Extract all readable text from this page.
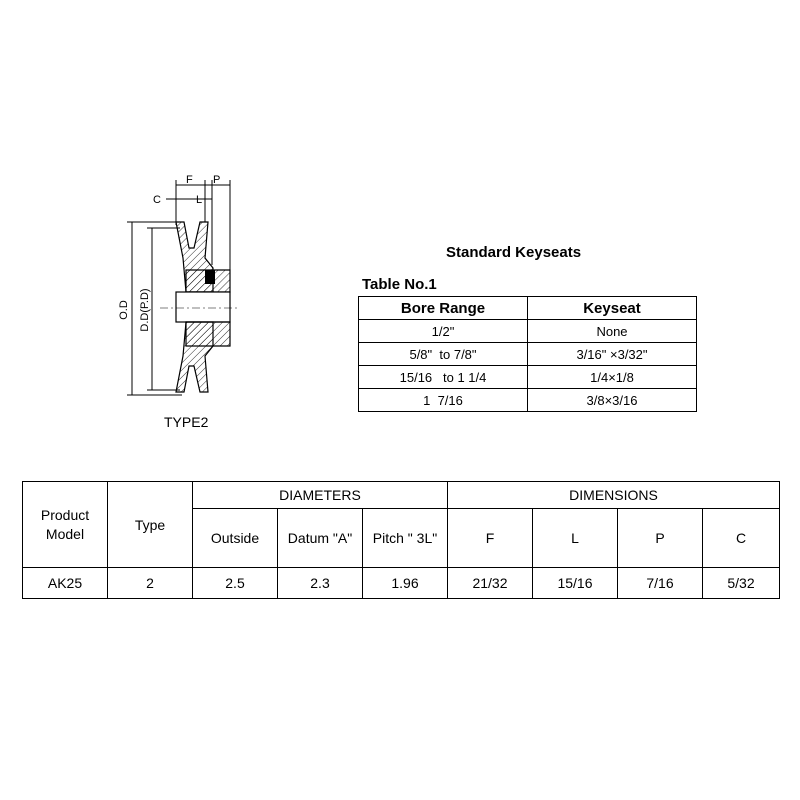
C
F P
L
O.D D.D(P.D)
TYPE2
Standard Keyseats
Table No.1
Bore Range	Keyseat
1/2"	None
5/8"  to 7/8"	3/16" ×3/32"
15/16   to 1 1/4	1/4×1/8
1  7/16	3/8×3/16
Product Model	Type	DIAMETERS			DIMENSIONS			
		Outside	Datum "A"	Pitch " 3L"	F	L	P	C
AK25	2	2.5	2.3	1.96	21/32	15/16	7/16	5/32
